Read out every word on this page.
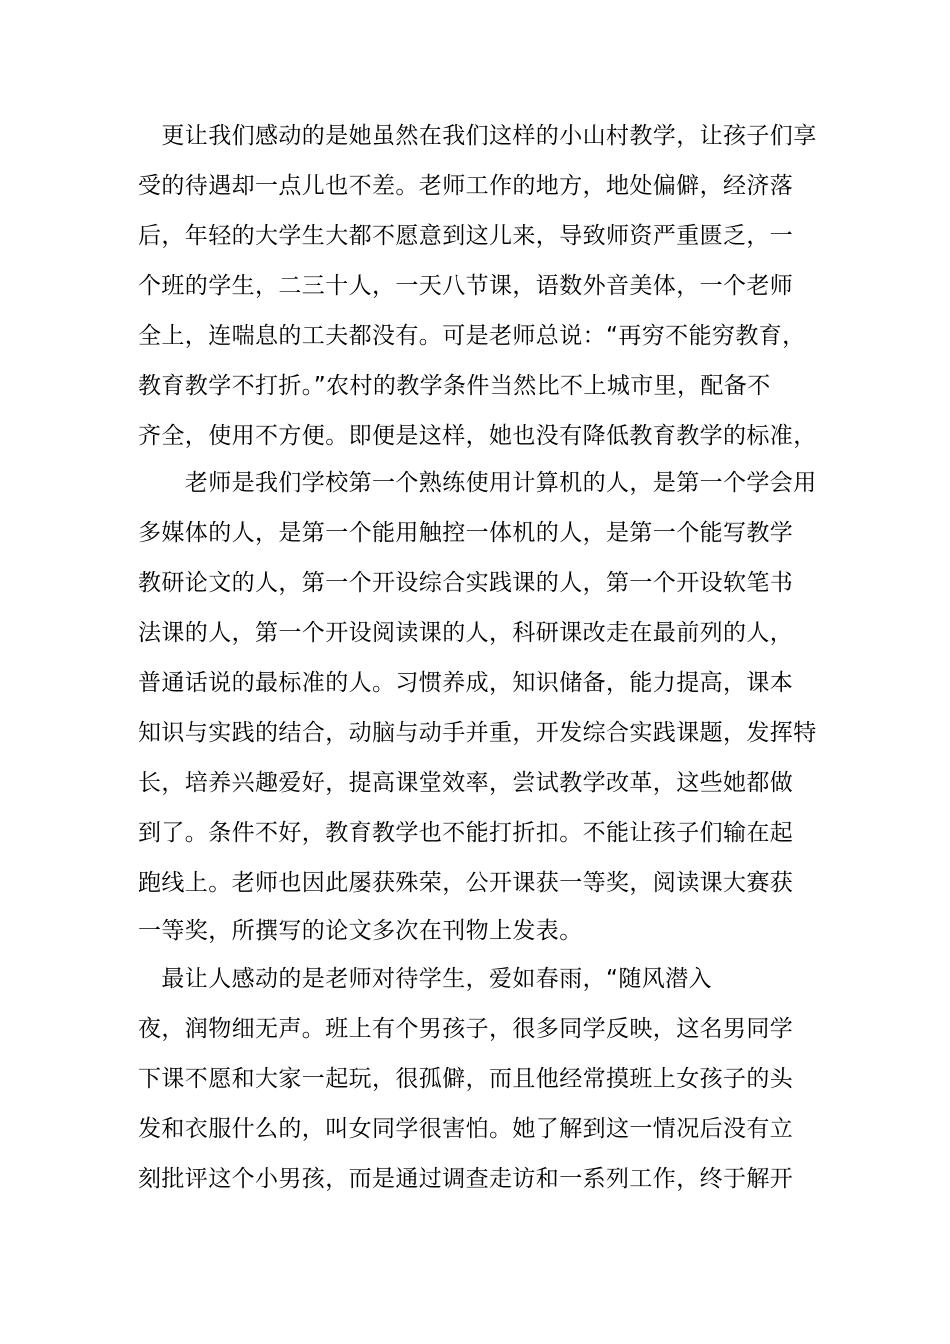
　更让我们感动的是她虽然在我们这样的小山村教学，让孩子们享
受的待遇却一点儿也不差。老师工作的地方，地处偏僻，经济落
后，年轻的大学生大都不愿意到这儿来，导致师资严重匮乏，一
个班的学生，二三十人，一天八节课，语数外音美体，一个老师
全上，连喘息的工夫都没有。可是老师总说：“再穷不能穷教育，
教育教学不打折。”农村的教学条件当然比不上城市里，配备不
齐全，使用不方便。即便是这样，她也没有降低教育教学的标准，
　　老师是我们学校第一个熟练使用计算机的人，是第一个学会用
多媒体的人，是第一个能用触控一体机的人，是第一个能写教学
教研论文的人，第一个开设综合实践课的人，第一个开设软笔书
法课的人，第一个开设阅读课的人，科研课改走在最前列的人，
普通话说的最标准的人。习惯养成，知识储备，能力提高，课本
知识与实践的结合，动脑与动手并重，开发综合实践课题，发挥特
长，培养兴趣爱好，提高课堂效率，尝试教学改革，这些她都做
到了。条件不好，教育教学也不能打折扣。不能让孩子们输在起
跑线上。老师也因此屡获殊荣，公开课获一等奖，阅读课大赛获
一等奖，所撰写的论文多次在刊物上发表。
　最让人感动的是老师对待学生，爱如春雨，“随风潜入
夜，润物细无声。班上有个男孩子，很多同学反映，这名男同学
下课不愿和大家一起玩，很孤僻，而且他经常摸班上女孩子的头
发和衣服什么的，叫女同学很害怕。她了解到这一情况后没有立
刻批评这个小男孩，而是通过调查走访和一系列工作，终于解开
